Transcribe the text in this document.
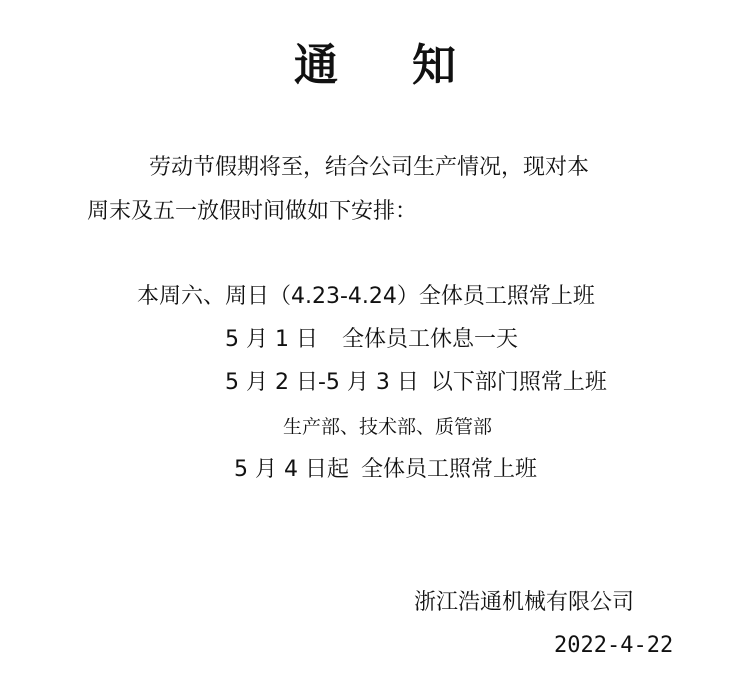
通 知
劳动节假期将至，结合公司生产情况，现对本
周末及五一放假时间做如下安排：
本周六、周日（4.23-4.24）全体员工照常上班
5 月 1 日 全体员工休息一天
5 月 2 日-5 月 3 日 以下部门照常上班
生产部、技术部、质管部
5 月 4 日起 全体员工照常上班
浙江浩通机械有限公司
2022-4-22
